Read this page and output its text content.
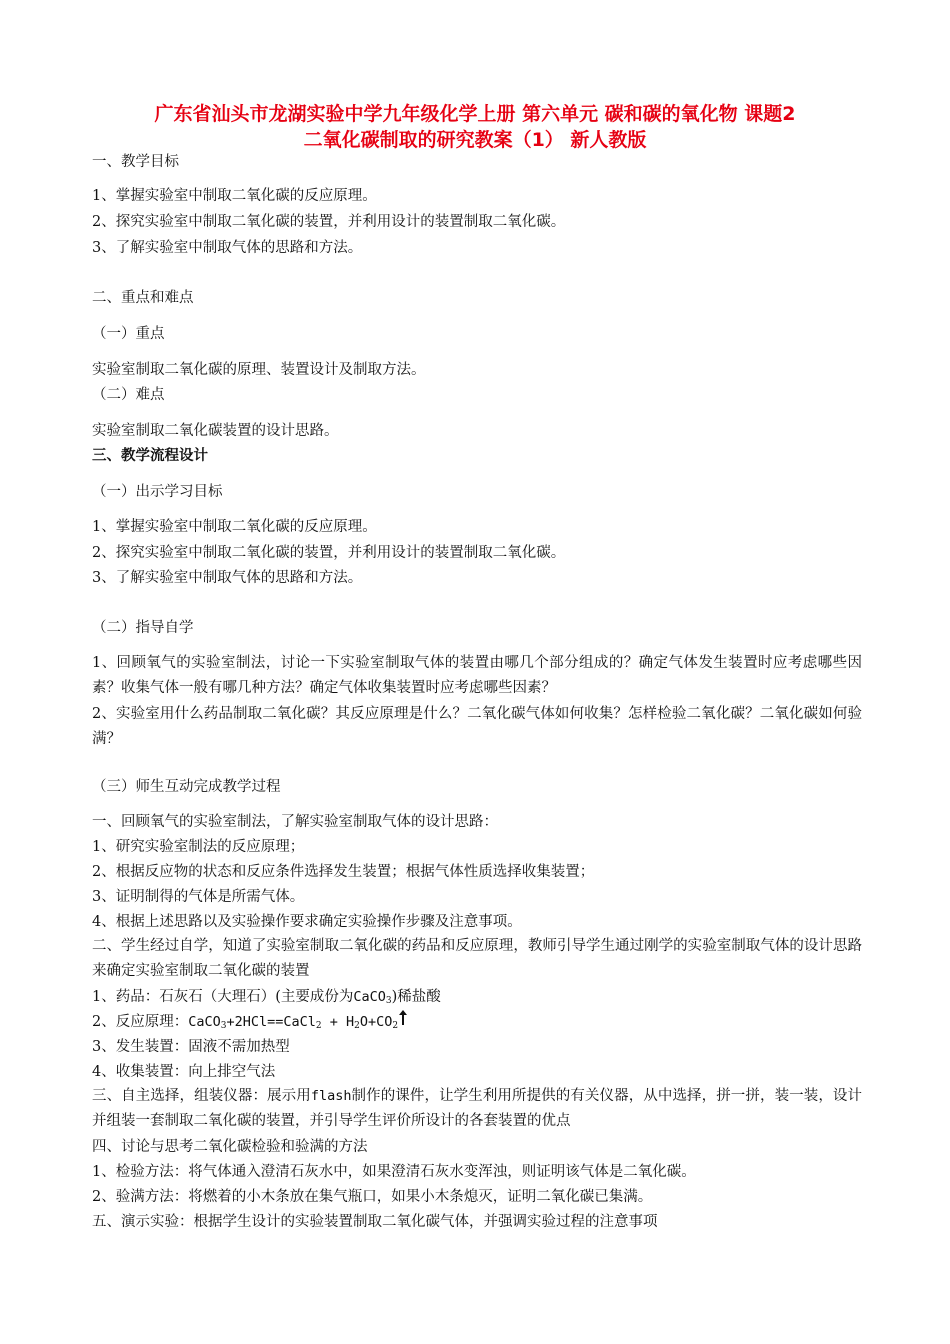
广东省汕头市龙湖实验中学九年级化学上册 第六单元 碳和碳的氧化物 课题2
二氧化碳制取的研究教案（1） 新人教版
一、教学目标
1、掌握实验室中制取二氧化碳的反应原理。
2、探究实验室中制取二氧化碳的装置，并利用设计的装置制取二氧化碳。
3、了解实验室中制取气体的思路和方法。
二、重点和难点
（一）重点
实验室制取二氧化碳的原理、装置设计及制取方法。
（二）难点
实验室制取二氧化碳装置的设计思路。
三、教学流程设计
（一）出示学习目标
1、掌握实验室中制取二氧化碳的反应原理。
2、探究实验室中制取二氧化碳的装置，并利用设计的装置制取二氧化碳。
3、了解实验室中制取气体的思路和方法。
（二）指导自学
1、回顾氧气的实验室制法，讨论一下实验室制取气体的装置由哪几个部分组成的？确定气体发生装置时应考虑哪些因素？收集气体一般有哪几种方法？确定气体收集装置时应考虑哪些因素？
2、实验室用什么药品制取二氧化碳？其反应原理是什么？二氧化碳气体如何收集？怎样检验二氧化碳？二氧化碳如何验满？
（三）师生互动完成教学过程
一、回顾氧气的实验室制法，了解实验室制取气体的设计思路：
1、研究实验室制法的反应原理；
2、根据反应物的状态和反应条件选择发生装置；根据气体性质选择收集装置；
3、证明制得的气体是所需气体。
4、根据上述思路以及实验操作要求确定实验操作步骤及注意事项。
二、学生经过自学，知道了实验室制取二氧化碳的药品和反应原理，教师引导学生通过刚学的实验室制取气体的设计思路来确定实验室制取二氧化碳的装置
1、药品：石灰石（大理石）(主要成份为CaCO$_3$)稀盐酸
2、反应原理：CaCO$_3$+2HCl==CaCl$_2$ + $H_2O+CO_2$
3、发生装置：固液不需加热型
4、收集装置：向上排空气法
三、自主选择，组装仪器：展示用flash制作的课件，让学生利用所提供的有关仪器，从中选择，拼一拼，装一装，设计并组装一套制取二氧化碳的装置，并引导学生评价所设计的各套装置的优点
四、讨论与思考二氧化碳检验和验满的方法
1、检验方法：将气体通入澄清石灰水中，如果澄清石灰水变浑浊，则证明该气体是二氧化碳。
2、验满方法：将燃着的小木条放在集气瓶口，如果小木条熄灭，证明二氧化碳已集满。
五、演示实验：根据学生设计的实验装置制取二氧化碳气体，并强调实验过程的注意事项
